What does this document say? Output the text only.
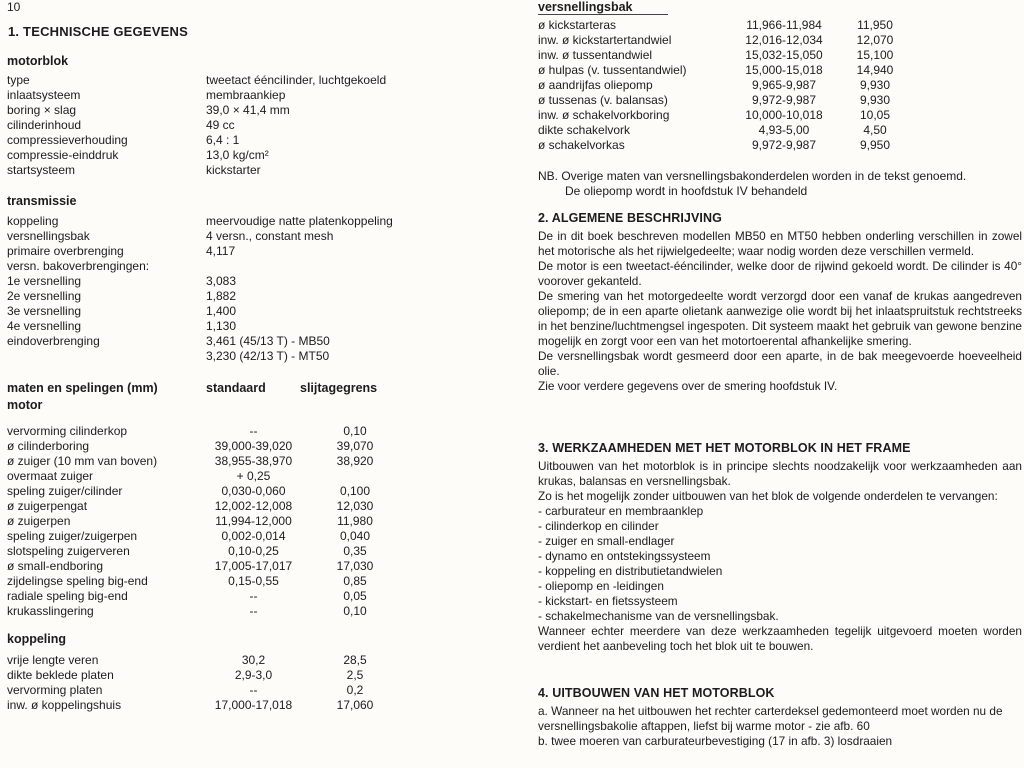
10
1. TECHNISCHE GEGEVENS

motorblok

type	tweetact éénciIinder, luchtgekoeld
inlaatsysteem	membraankiep
boring × slag	39,0 × 41,4 mm
cilinderinhoud	49 cc
compressieverhouding	6,4 : 1
compressie-einddruk	13,0 kg/cm²
startsysteem	kickstarter

transmissie

koppeling	meervoudige natte platenkoppeling
versnellingsbak	4 versn., constant mesh
primaire overbrenging	4,117
versn. bakoverbrengingen:	
1e versnelling	3,083
2e versnelling	1,882
3e versnelling	1,400
4e versnelling	1,130
eindoverbrenging	3,461 (45/13 T) - MB50
	3,230 (42/13 T) - MT50
maten en spelingen (mm)	standaard	slijtagegrens
motor
vervorming cilinderkop	--	0,10
ø cilinderboring	39,000-39,020	39,070
ø zuiger (10 mm van boven)	38,955-38,970	38,920
overmaat zuiger	+ 0,25	
speling zuiger/cilinder	0,030-0,060	0,100
ø zuigerpengat	12,002-12,008	12,030
ø zuigerpen	11,994-12,000	11,980
speling zuiger/zuigerpen	0,002-0,014	0,040
slotspeling zuigerveren	0,10-0,25	0,35
ø small-endboring	17,005-17,017	17,030
zijdelingse speling big-end	0,15-0,55	0,85
radiale speling big-end	--	0,05
krukasslingering	--	0,10

koppeling

vrije lengte veren	30,2	28,5
dikte beklede platen	2,9-3,0	2,5
vervorming platen	--	0,2
inw. ø koppelingshuis	17,000-17,018	17,060
versnellingsbak
ø kickstarteras	11,966-11,984	11,950
inw. ø kickstartertandwiel	12,016-12,034	12,070
inw. ø tussentandwiel	15,032-15,050	15,100
ø hulpas (v. tussentandwiel)	15,000-15,018	14,940
ø aandrijfas oliepomp	9,965-9,987	9,930
ø tussenas (v. balansas)	9,972-9,987	9,930
inw. ø schakelvorkboring	10,000-10,018	10,05
dikte schakelvork	4,93-5,00	4,50
ø schakelvorkas	9,972-9,987	9,950

NB. Overige maten van versnellingsbakonderdelen worden in de tekst genoemd.

De oliepomp wordt in hoofdstuk IV behandeld

2. ALGEMENE BESCHRIJVING

De in dit boek beschreven modellen MB50 en MT50 hebben onderling verschillen in zowel het motorische als het rijwielgedeelte; waar nodig worden deze verschillen vermeld.

De motor is een tweetact-ééncilinder, welke door de rijwind gekoeld wordt. De cilinder is 40° voorover gekanteld.

De smering van het motorgedeelte wordt verzorgd door een vanaf de krukas aangedreven oliepomp; de in een aparte olietank aanwezige olie wordt bij het inlaatspruitstuk rechtstreeks in het benzine/luchtmengsel ingespoten. Dit systeem maakt het gebruik van gewone benzine mogelijk en zorgt voor een van het motortoerental afhankelijke smering.

De versnellingsbak wordt gesmeerd door een aparte, in de bak meegevoerde hoeveelheid olie.

Zie voor verdere gegevens over de smering hoofdstuk IV.

3. WERKZAAMHEDEN MET HET MOTORBLOK IN HET FRAME

Uitbouwen van het motorblok is in principe slechts noodzakelijk voor werkzaamheden aan krukas, balansas en versnellingsbak.

Zo is het mogelijk zonder uitbouwen van het blok de volgende onderdelen te vervangen:

- carburateur en membraanklep
- cilinderkop en cilinder
- zuiger en small-endlager
- dynamo en ontstekingssysteem
- koppeling en distributietandwielen
- oliepomp en -leidingen
- kickstart- en fietssysteem
- schakelmechanisme van de versnellingsbak.

Wanneer echter meerdere van deze werkzaamheden tegelijk uitgevoerd moeten worden verdient het aanbeveling toch het blok uit te bouwen.

4. UITBOUWEN VAN HET MOTORBLOK

a. Wanneer na het uitbouwen het rechter carterdeksel gedemonteerd moet worden nu de versnellingsbakolie aftappen, liefst bij warme motor - zie afb. 60

b. twee moeren van carburateurbevestiging (17 in afb. 3) losdraaien
